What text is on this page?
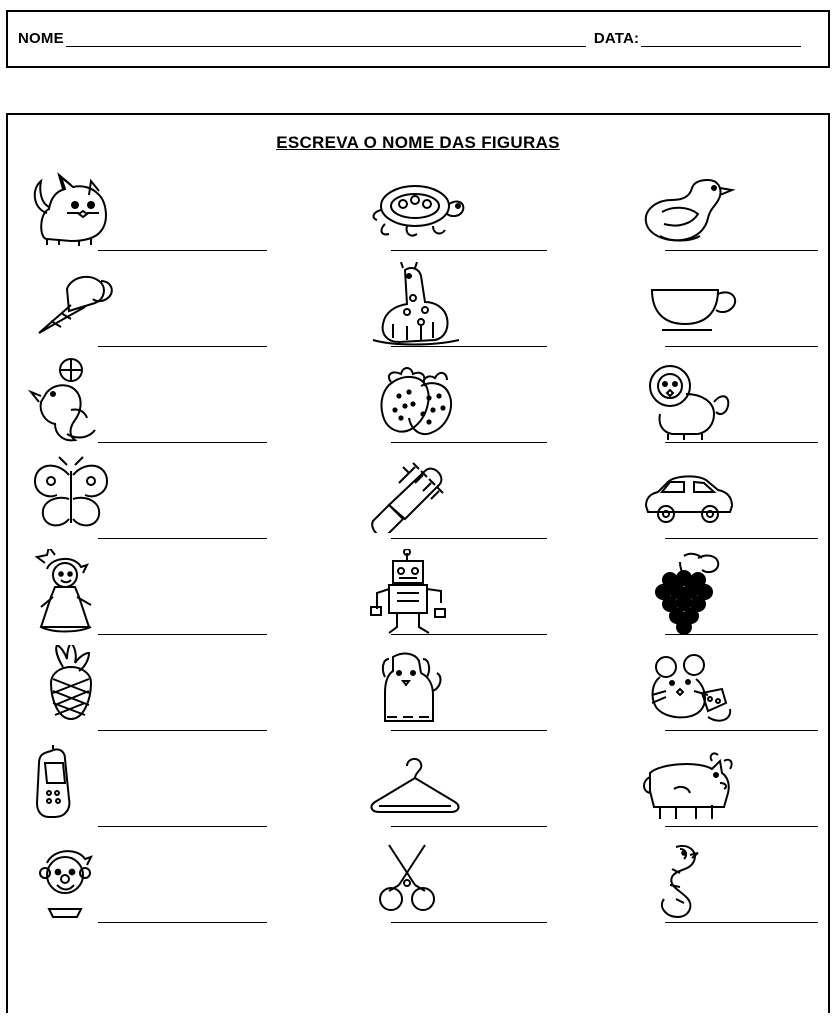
NOME	DATA:
ESCREVA O NOME DAS FIGURAS
